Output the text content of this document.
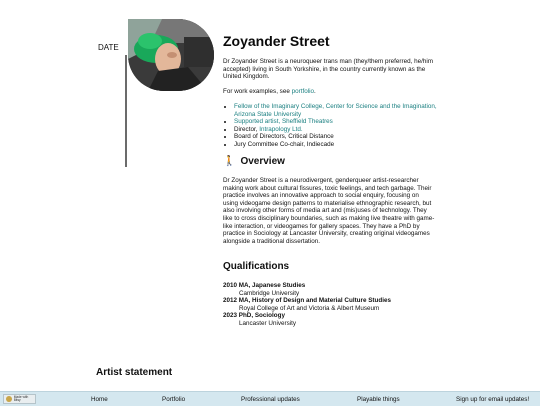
DATE	Zoyander Street
Dr Zoyander Street is a neuroqueer trans man (they/them preferred, he/him accepted) living in South Yorkshire, in the country currently known as the United Kingdom.
For work examples, see portfolio.
• Fellow of the Imaginary College, Center for Science and the Imagination, Arizona State University
• Supported artist, Sheffield Theatres
• Director, Intrapology Ltd.
• Board of Directors, Critical Distance
• Jury Committee Co-chair, Indiecade
🚶 Overview
Dr Zoyander Street is a neurodivergent, genderqueer artist-researcher making work about cultural fissures, toxic feelings, and tech garbage. Their practice involves an innovative approach to social enquiry, focusing on using videogame design patterns to materialise ethnographic research, but also involving other forms of media art and (mis)uses of technology. They like to cross disciplinary boundaries, such as making live theatre with game-like interaction, or videogames for gallery spaces. They have a PhD by practice in Sociology at Lancaster University, creating original videogames alongside a traditional dissertation.
Qualifications
2010 MA, Japanese Studies
Cambridge University
2012 MA, History of Design and Material Culture Studies
Royal College of Art and Victoria & Albert Museum
2023 PhD, Sociology
Lancaster University
Artist statement
Made with Bitsy	Home	Portfolio	Professional updates	Playable things	Sign up for email updates!
